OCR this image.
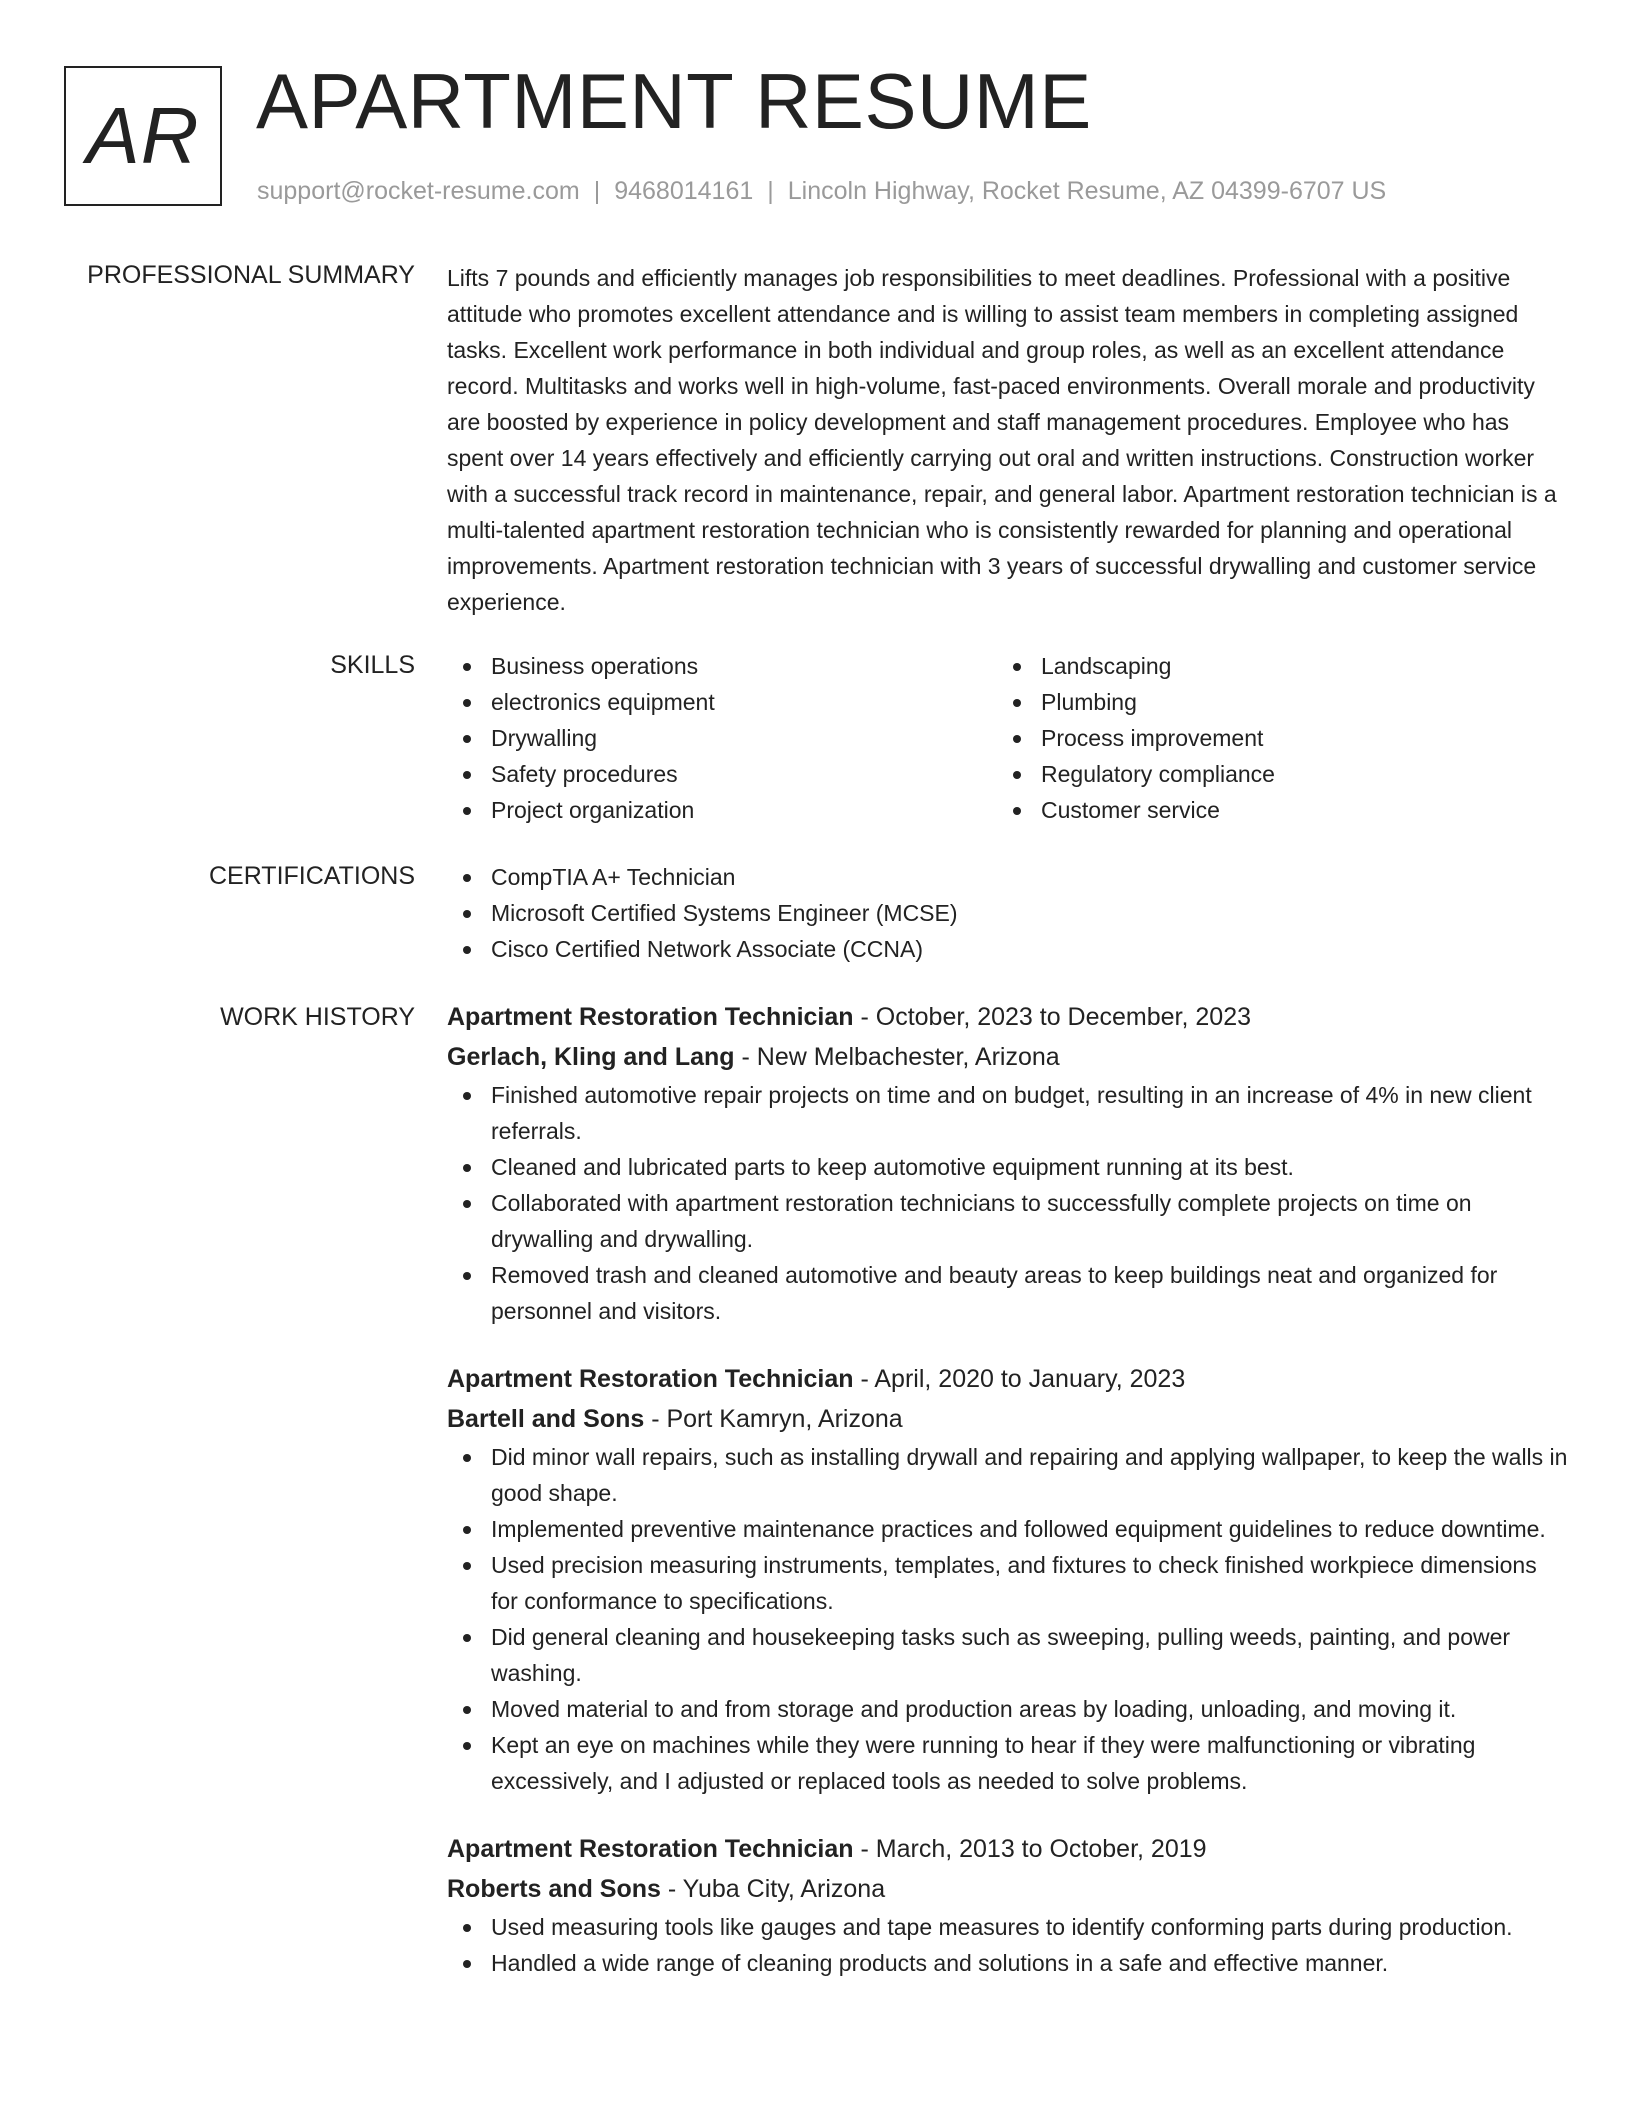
AR APARTMENT RESUME
support@rocket-resume.com | 9468014161 | Lincoln Highway, Rocket Resume, AZ 04399-6707 US
PROFESSIONAL SUMMARY Lifts 7 pounds and efficiently manages job responsibilities to meet deadlines. Professional with a positive attitude who promotes excellent attendance and is willing to assist team members in completing assigned tasks. Excellent work performance in both individual and group roles, as well as an excellent attendance record. Multitasks and works well in high-volume, fast-paced environments. Overall morale and productivity are boosted by experience in policy development and staff management procedures. Employee who has spent over 14 years effectively and efficiently carrying out oral and written instructions. Construction worker with a successful track record in maintenance, repair, and general labor. Apartment restoration technician is a multi-talented apartment restoration technician who is consistently rewarded for planning and operational improvements. Apartment restoration technician with 3 years of successful drywalling and customer service experience.

SKILLS	Business operations
electronics equipment
Drywalling
Safety procedures
Project organization
Landscaping
Plumbing
Process improvement
Regulatory compliance
Customer service
CERTIFICATIONS	CompTIA A+ Technician
Microsoft Certified Systems Engineer (MCSE)
Cisco Certified Network Associate (CCNA)
WORK HISTORY Apartment Restoration Technician - October, 2023 to December, 2023
Gerlach, Kling and Lang - New Melbachester, Arizona
Finished automotive repair projects on time and on budget, resulting in an increase of 4% in new client referrals.
Cleaned and lubricated parts to keep automotive equipment running at its best.
Collaborated with apartment restoration technicians to successfully complete projects on time on drywalling and drywalling.
Removed trash and cleaned automotive and beauty areas to keep buildings neat and organized for personnel and visitors.
Apartment Restoration Technician - April, 2020 to January, 2023
Bartell and Sons - Port Kamryn, Arizona
Did minor wall repairs, such as installing drywall and repairing and applying wallpaper, to keep the walls in good shape.
Implemented preventive maintenance practices and followed equipment guidelines to reduce downtime.
Used precision measuring instruments, templates, and fixtures to check finished workpiece dimensions for conformance to specifications.
Did general cleaning and housekeeping tasks such as sweeping, pulling weeds, painting, and power washing.
Moved material to and from storage and production areas by loading, unloading, and moving it.
Kept an eye on machines while they were running to hear if they were malfunctioning or vibrating excessively, and I adjusted or replaced tools as needed to solve problems.
Apartment Restoration Technician - March, 2013 to October, 2019
Roberts and Sons - Yuba City, Arizona
Used measuring tools like gauges and tape measures to identify conforming parts during production.
Handled a wide range of cleaning products and solutions in a safe and effective manner.
